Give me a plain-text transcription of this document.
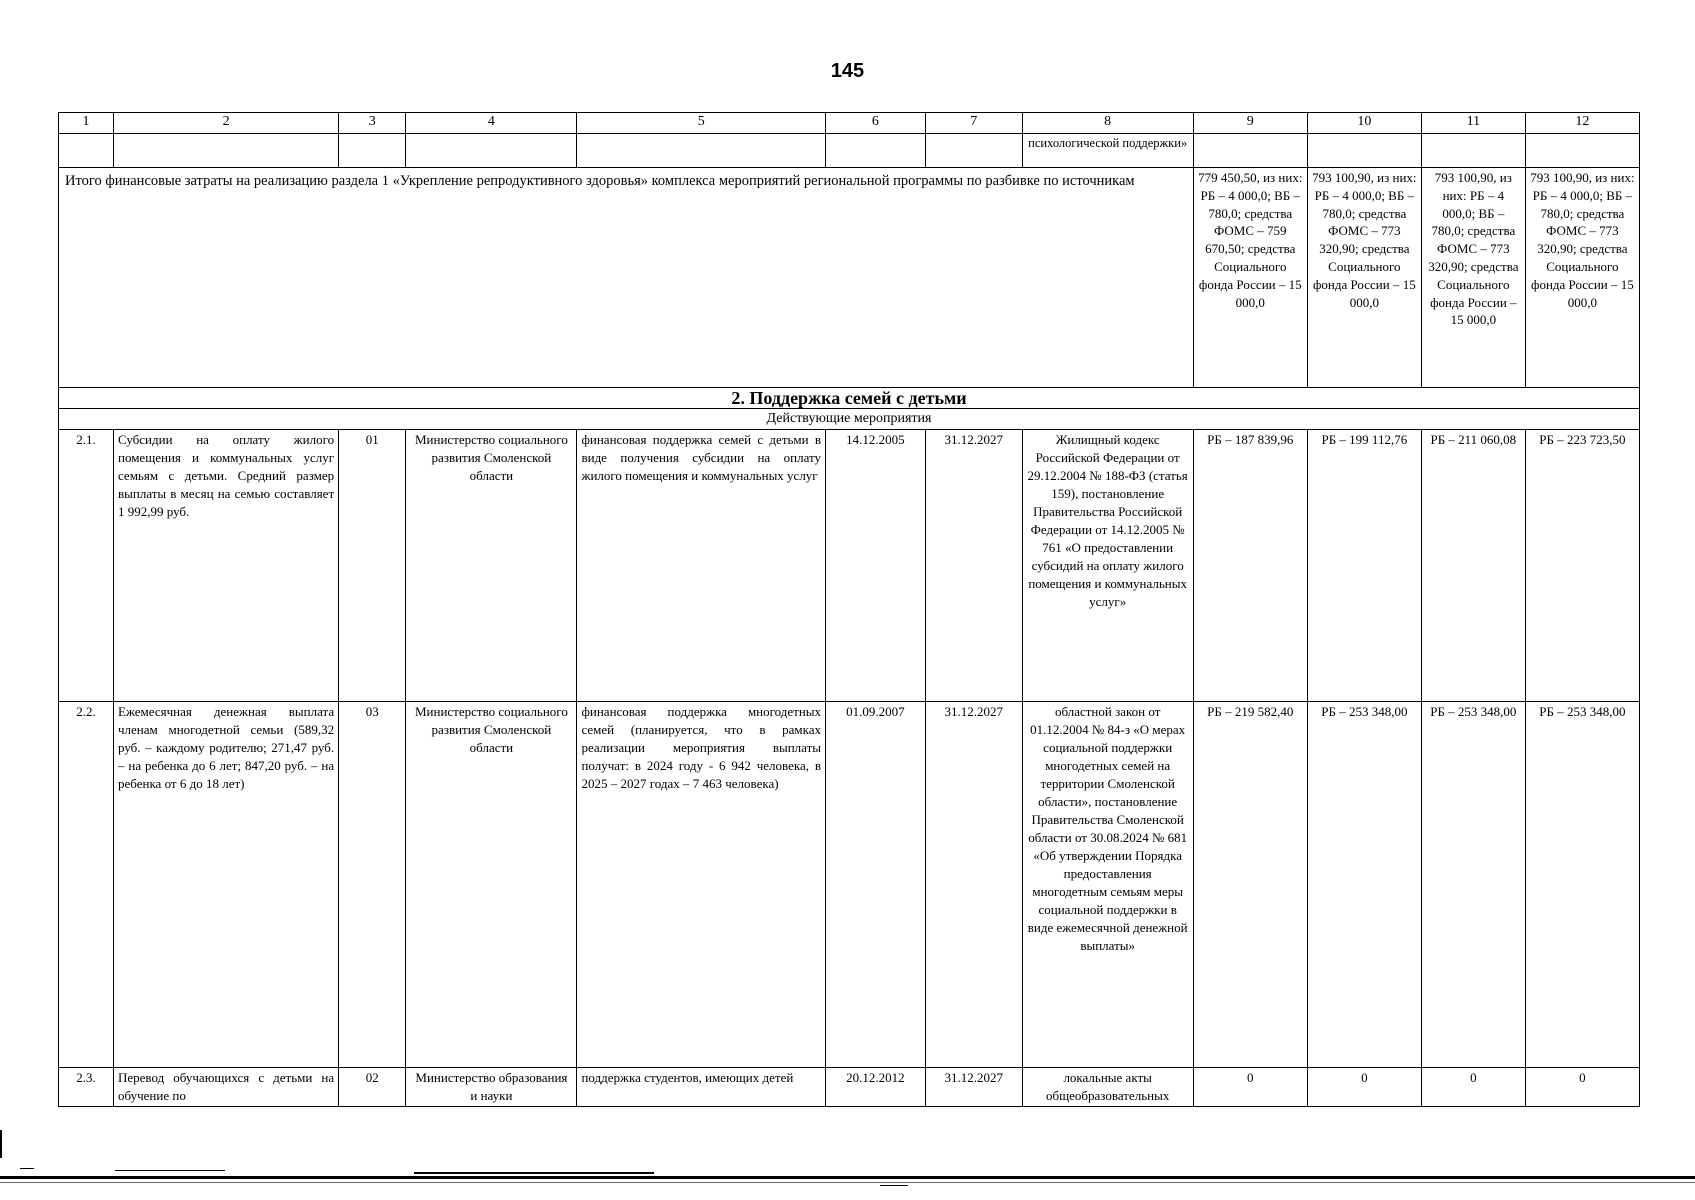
145
1	2	3	4	5	6	7	8	9	10	11	12
							психологической поддержки»				
Итого финансовые затраты на реализацию раздела 1 «Укрепление репродуктивного здоровья» комплекса мероприятий региональной программы по разбивке по источникам								779 450,50, из них: РБ – 4 000,0; ВБ – 780,0; средства ФОМС – 759 670,50; средства Социального фонда России – 15 000,0	793 100,90, из них: РБ – 4 000,0; ВБ – 780,0; средства ФОМС – 773 320,90; средства Социального фонда России – 15 000,0	793 100,90, из них: РБ – 4 000,0; ВБ – 780,0; средства ФОМС – 773 320,90; средства Социального фонда России – 15 000,0	793 100,90, из них: РБ – 4 000,0; ВБ – 780,0; средства ФОМС – 773 320,90; средства Социального фонда России – 15 000,0
2. Поддержка семей с детьми											
Действующие мероприятия											
2.1.	Субсидии на оплату жилого помещения и коммунальных услуг семьям с детьми. Средний размер выплаты в месяц на семью составляет 1 992,99 руб.	01	Министерство социального развития Смоленской области	финансовая поддержка семей с детьми в виде получения субсидии на оплату жилого помещения и коммунальных услуг	14.12.2005	31.12.2027	Жилищный кодекс Российской Федерации от 29.12.2004 № 188-ФЗ (статья 159), постановление Правительства Российской Федерации от 14.12.2005 № 761 «О предоставлении субсидий на оплату жилого помещения и коммунальных услуг»	РБ – 187 839,96	РБ – 199 112,76	РБ – 211 060,08	РБ – 223 723,50
2.2.	Ежемесячная денежная выплата членам многодетной семьи (589,32 руб. – каждому родителю; 271,47 руб. – на ребенка до 6 лет; 847,20 руб. – на ребенка от 6 до 18 лет)	03	Министерство социального развития Смоленской области	финансовая поддержка многодетных семей (планируется, что в рамках реализации мероприятия выплаты получат: в 2024 году - 6 942 человека, в 2025 – 2027 годах – 7 463 человека)	01.09.2007	31.12.2027	областной закон от 01.12.2004 № 84-з «О мерах социальной поддержки многодетных семей на территории Смоленской области», постановление Правительства Смоленской области от 30.08.2024 № 681 «Об утверждении Порядка предоставления многодетным семьям меры социальной поддержки в виде ежемесячной денежной выплаты»	РБ – 219 582,40	РБ – 253 348,00	РБ – 253 348,00	РБ – 253 348,00
2.3.	Перевод обучающихся с детьми на обучение по	02	Министерство образования и науки	поддержка студентов, имеющих детей	20.12.2012	31.12.2027	локальные акты общеобразовательных	0	0	0	0
